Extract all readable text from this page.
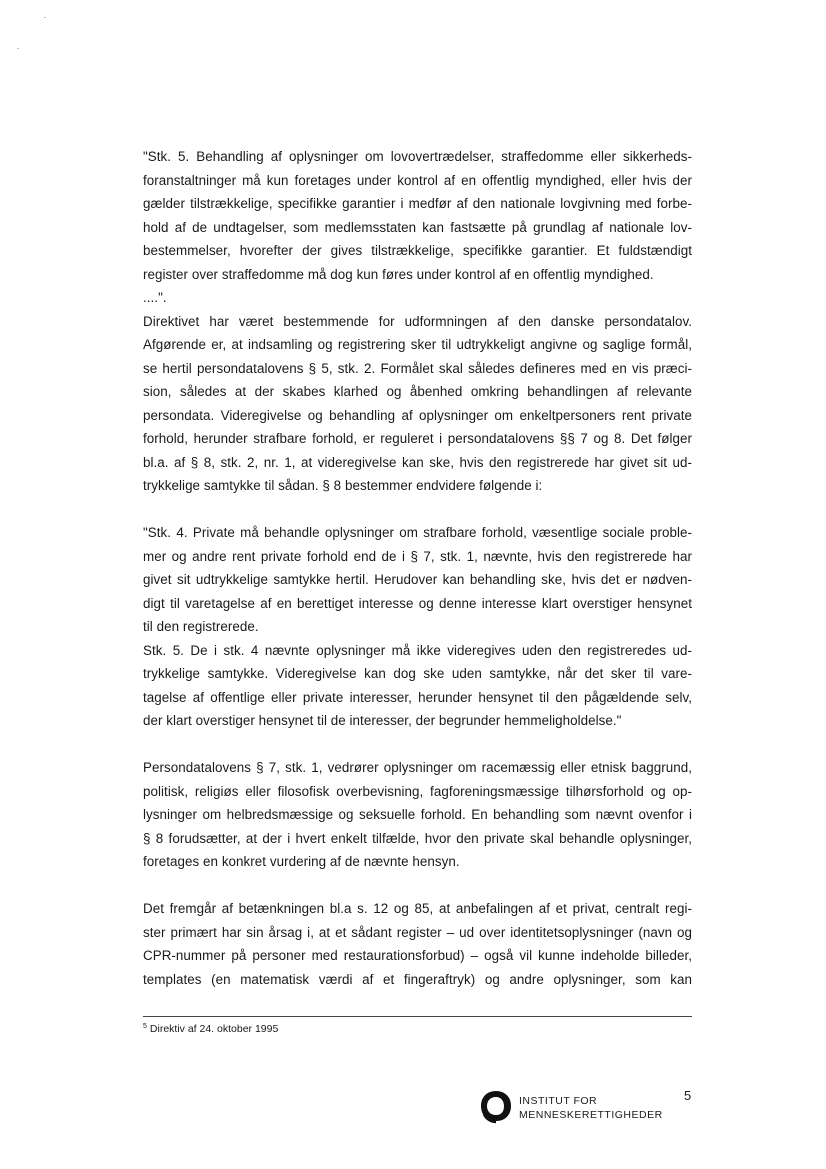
"Stk. 5. Behandling af oplysninger om lovovertrædelser, straffedomme eller sikkerheds-
foranstaltninger må kun foretages under kontrol af en offentlig myndighed, eller hvis der
gælder tilstrækkelige, specifikke garantier i medfør af den nationale lovgivning med forbe-
hold af de undtagelser, som medlemsstaten kan fastsætte på grundlag af nationale lov-
bestemmelser, hvorefter der gives tilstrækkelige, specifikke garantier. Et fuldstændigt
register over straffedomme må dog kun føres under kontrol af en offentlig myndighed.
....".
Direktivet har været bestemmende for udformningen af den danske persondatalov.
Afgørende er, at indsamling og registrering sker til udtrykkeligt angivne og saglige formål,
se hertil persondatalovens § 5, stk. 2. Formålet skal således defineres med en vis præci-
sion, således at der skabes klarhed og åbenhed omkring behandlingen af relevante
persondata. Videregivelse og behandling af oplysninger om enkeltpersoners rent private
forhold, herunder strafbare forhold, er reguleret i persondatalovens §§ 7 og 8. Det følger
bl.a. af § 8, stk. 2, nr. 1, at videregivelse kan ske, hvis den registrerede har givet sit ud-
trykkelige samtykke til sådan. § 8 bestemmer endvidere følgende i:
"Stk. 4. Private må behandle oplysninger om strafbare forhold, væsentlige sociale proble-
mer og andre rent private forhold end de i § 7, stk. 1, nævnte, hvis den registrerede har
givet sit udtrykkelige samtykke hertil. Herudover kan behandling ske, hvis det er nødven-
digt til varetagelse af en berettiget interesse og denne interesse klart overstiger hensynet
til den registrerede.
Stk. 5. De i stk. 4 nævnte oplysninger må ikke videregives uden den registreredes ud-
trykkelige samtykke. Videregivelse kan dog ske uden samtykke, når det sker til vare-
tagelse af offentlige eller private interesser, herunder hensynet til den pågældende selv,
der klart overstiger hensynet til de interesser, der begrunder hemmeligholdelse."
Persondatalovens § 7, stk. 1, vedrører oplysninger om racemæssig eller etnisk baggrund,
politisk, religiøs eller filosofisk overbevisning, fagforeningsmæssige tilhørsforhold og op-
lysninger om helbredsmæssige og seksuelle forhold. En behandling som nævnt ovenfor i
§ 8 forudsætter, at der i hvert enkelt tilfælde, hvor den private skal behandle oplysninger,
foretages en konkret vurdering af de nævnte hensyn.
Det fremgår af betænkningen bl.a s. 12 og 85, at anbefalingen af et privat, centralt regi-
ster primært har sin årsag i, at et sådant register – ud over identitetsoplysninger (navn og
CPR-nummer på personer med restaurationsforbud) – også vil kunne indeholde billeder,
templates (en matematisk værdi af et fingeraftryk) og andre oplysninger, som kan
$^5$ Direktiv af 24. oktober 1995
INSTITUT FOR
MENNESKERETTIGHEDER
5
